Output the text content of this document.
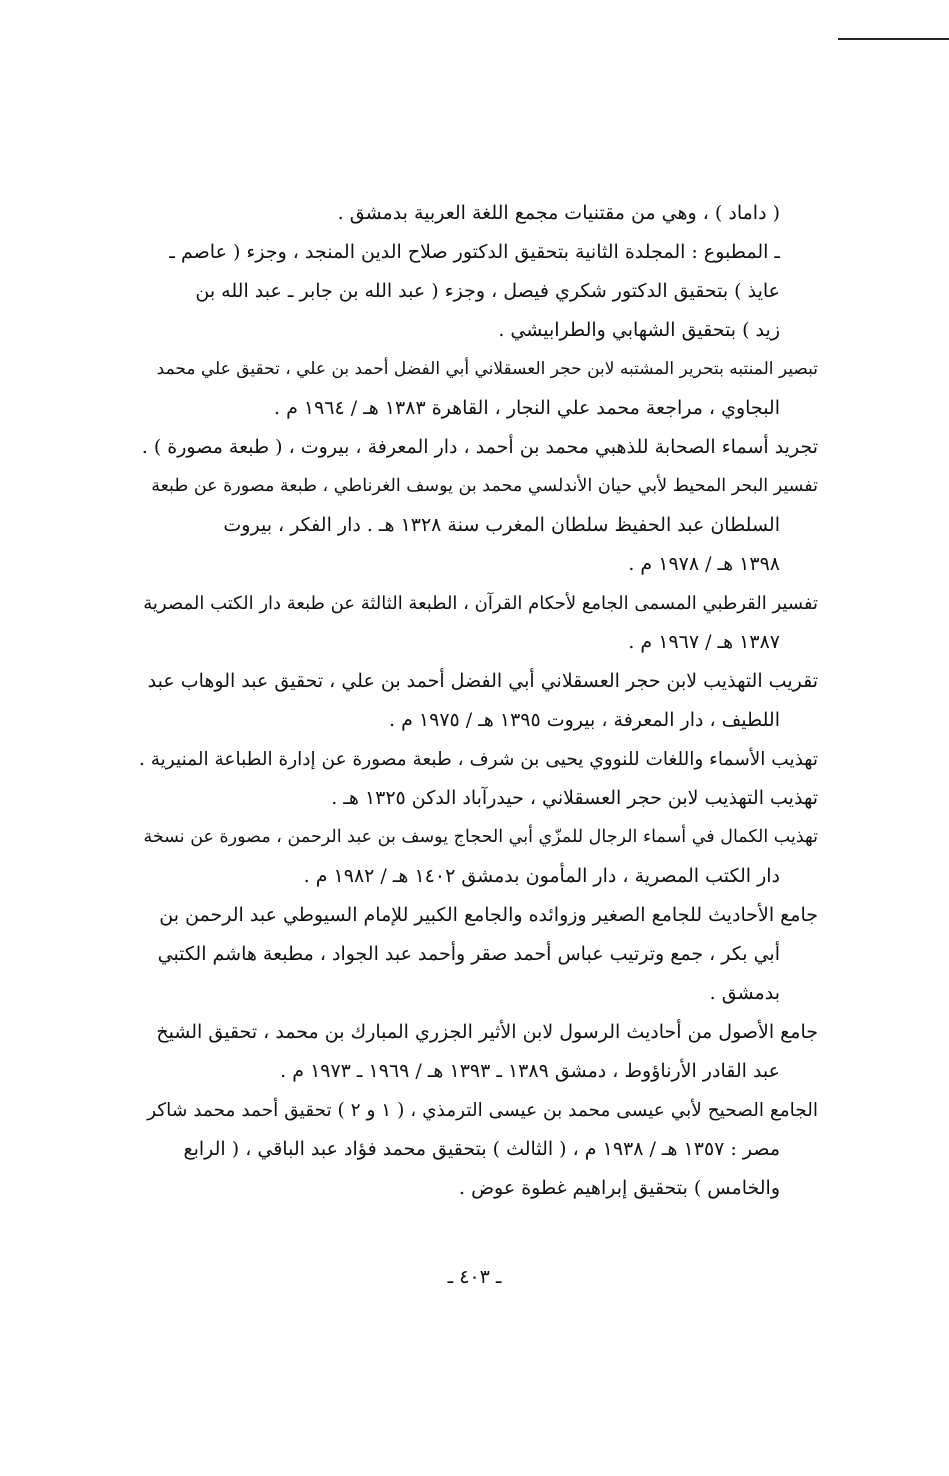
( داماد ) ، وهي من مقتنيات مجمع اللغة العربية بدمشق .
ـ المطبوع : المجلدة الثانية بتحقيق الدكتور صلاح الدين المنجد ، وجزء ( عاصم ـ
عايذ ) بتحقيق الدكتور شكري فيصل ، وجزء ( عبد الله بن جابر ـ عبد الله بن
زيد ) بتحقيق الشهابي والطرابيشي .
تبصير المنتبه بتحرير المشتبه لابن حجر العسقلاني أبي الفضل أحمد بن علي ، تحقيق علي محمد
البجاوي ، مراجعة محمد علي النجار ، القاهرة ١٣٨٣ هـ / ١٩٦٤ م .
تجريد أسماء الصحابة للذهبي محمد بن أحمد ، دار المعرفة ، بيروت ، ( طبعة مصورة ) .
تفسير البحر المحيط لأبي حيان الأندلسي محمد بن يوسف الغرناطي ، طبعة مصورة عن طبعة
السلطان عبد الحفيظ سلطان المغرب سنة ١٣٢٨ هـ . دار الفكر ، بيروت
١٣٩٨ هـ / ١٩٧٨ م .
تفسير القرطبي المسمى الجامع لأحكام القرآن ، الطبعة الثالثة عن طبعة دار الكتب المصرية
١٣٨٧ هـ / ١٩٦٧ م .
تقريب التهذيب لابن حجر العسقلاني أبي الفضل أحمد بن علي ، تحقيق عبد الوهاب عبد
اللطيف ، دار المعرفة ، بيروت ١٣٩٥ هـ / ١٩٧٥ م .
تهذيب الأسماء واللغات للنووي يحيى بن شرف ، طبعة مصورة عن إدارة الطباعة المنيرية .
تهذيب التهذيب لابن حجر العسقلاني ، حيدرآباد الدكن ١٣٢٥ هـ .
تهذيب الكمال في أسماء الرجال للمزّي أبي الحجاج يوسف بن عبد الرحمن ، مصورة عن نسخة
دار الكتب المصرية ، دار المأمون بدمشق ١٤٠٢ هـ / ١٩٨٢ م .
جامع الأحاديث للجامع الصغير وزوائده والجامع الكبير للإمام السيوطي عبد الرحمن بن
أبي بكر ، جمع وترتيب عباس أحمد صقر وأحمد عبد الجواد ، مطبعة هاشم الكتبي
بدمشق .
جامع الأصول من أحاديث الرسول لابن الأثير الجزري المبارك بن محمد ، تحقيق الشيخ
عبد القادر الأرناؤوط ، دمشق ١٣٨٩ ـ ١٣٩٣ هـ / ١٩٦٩ ـ ١٩٧٣ م .
الجامع الصحيح لأبي عيسى محمد بن عيسى الترمذي ، ( ١ و ٢ ) تحقيق أحمد محمد شاكر
مصر : ١٣٥٧ هـ / ١٩٣٨ م ، ( الثالث ) بتحقيق محمد فؤاد عبد الباقي ، ( الرابع
والخامس ) بتحقيق إبراهيم غطوة عوض .
ـ ٤٠٣ ـ
